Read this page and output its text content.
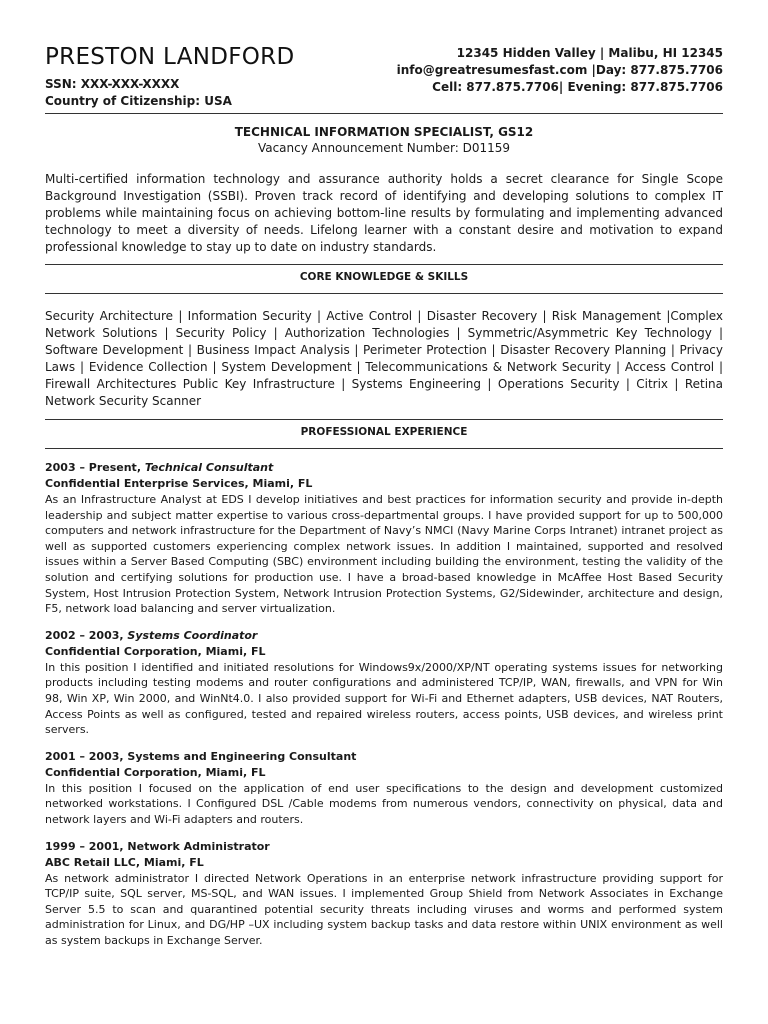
PRESTON LANDFORD
SSN: XXX-XXX-XXXX
Country of Citizenship: USA
12345 Hidden Valley | Malibu, HI 12345
info@greatresumesfast.com |Day: 877.875.7706
Cell: 877.875.7706| Evening: 877.875.7706
TECHNICAL INFORMATION SPECIALIST, GS12
Vacancy Announcement Number: D01159
Multi-certified information technology and assurance authority holds a secret clearance for Single Scope Background Investigation (SSBI). Proven track record of identifying and developing solutions to complex IT problems while maintaining focus on achieving bottom-line results by formulating and implementing advanced technology to meet a diversity of needs. Lifelong learner with a constant desire and motivation to expand professional knowledge to stay up to date on industry standards.
CORE KNOWLEDGE & SKILLS
Security Architecture | Information Security | Active Control | Disaster Recovery | Risk Management |Complex Network Solutions | Security Policy | Authorization Technologies | Symmetric/Asymmetric Key Technology | Software Development | Business Impact Analysis | Perimeter Protection | Disaster Recovery Planning | Privacy Laws | Evidence Collection | System Development | Telecommunications & Network Security | Access Control | Firewall Architectures Public Key Infrastructure | Systems Engineering | Operations Security | Citrix | Retina Network Security Scanner
PROFESSIONAL EXPERIENCE
2003 – Present, Technical Consultant
Confidential Enterprise Services, Miami, FL
As an Infrastructure Analyst at EDS I develop initiatives and best practices for information security and provide in-depth leadership and subject matter expertise to various cross-departmental groups. I have provided support for up to 500,000 computers and network infrastructure for the Department of Navy’s NMCI (Navy Marine Corps Intranet) intranet project as well as supported customers experiencing complex network issues. In addition I maintained, supported and resolved issues within a Server Based Computing (SBC) environment including building the environment, testing the validity of the solution and certifying solutions for production use. I have a broad-based knowledge in McAffee Host Based Security System, Host Intrusion Protection System, Network Intrusion Protection Systems, G2/Sidewinder, architecture and design, F5, network load balancing and server virtualization.
2002 – 2003, Systems Coordinator
Confidential Corporation, Miami, FL
In this position I identified and initiated resolutions for Windows9x/2000/XP/NT operating systems issues for networking products including testing modems and router configurations and administered TCP/IP, WAN, firewalls, and VPN for Win 98, Win XP, Win 2000, and WinNt4.0. I also provided support for Wi-Fi and Ethernet adapters, USB devices, NAT Routers, Access Points as well as configured, tested and repaired wireless routers, access points, USB devices, and wireless print servers.
2001 – 2003, Systems and Engineering Consultant
Confidential Corporation, Miami, FL
In this position I focused on the application of end user specifications to the design and development customized networked workstations. I Configured DSL /Cable modems from numerous vendors, connectivity on physical, data and network layers and Wi-Fi adapters and routers.
1999 – 2001, Network Administrator
ABC Retail LLC, Miami, FL
As network administrator I directed Network Operations in an enterprise network infrastructure providing support for TCP/IP suite, SQL server, MS-SQL, and WAN issues. I implemented Group Shield from Network Associates in Exchange Server 5.5 to scan and quarantined potential security threats including viruses and worms and performed system administration for Linux, and DG/HP –UX including system backup tasks and data restore within UNIX environment as well as system backups in Exchange Server.
